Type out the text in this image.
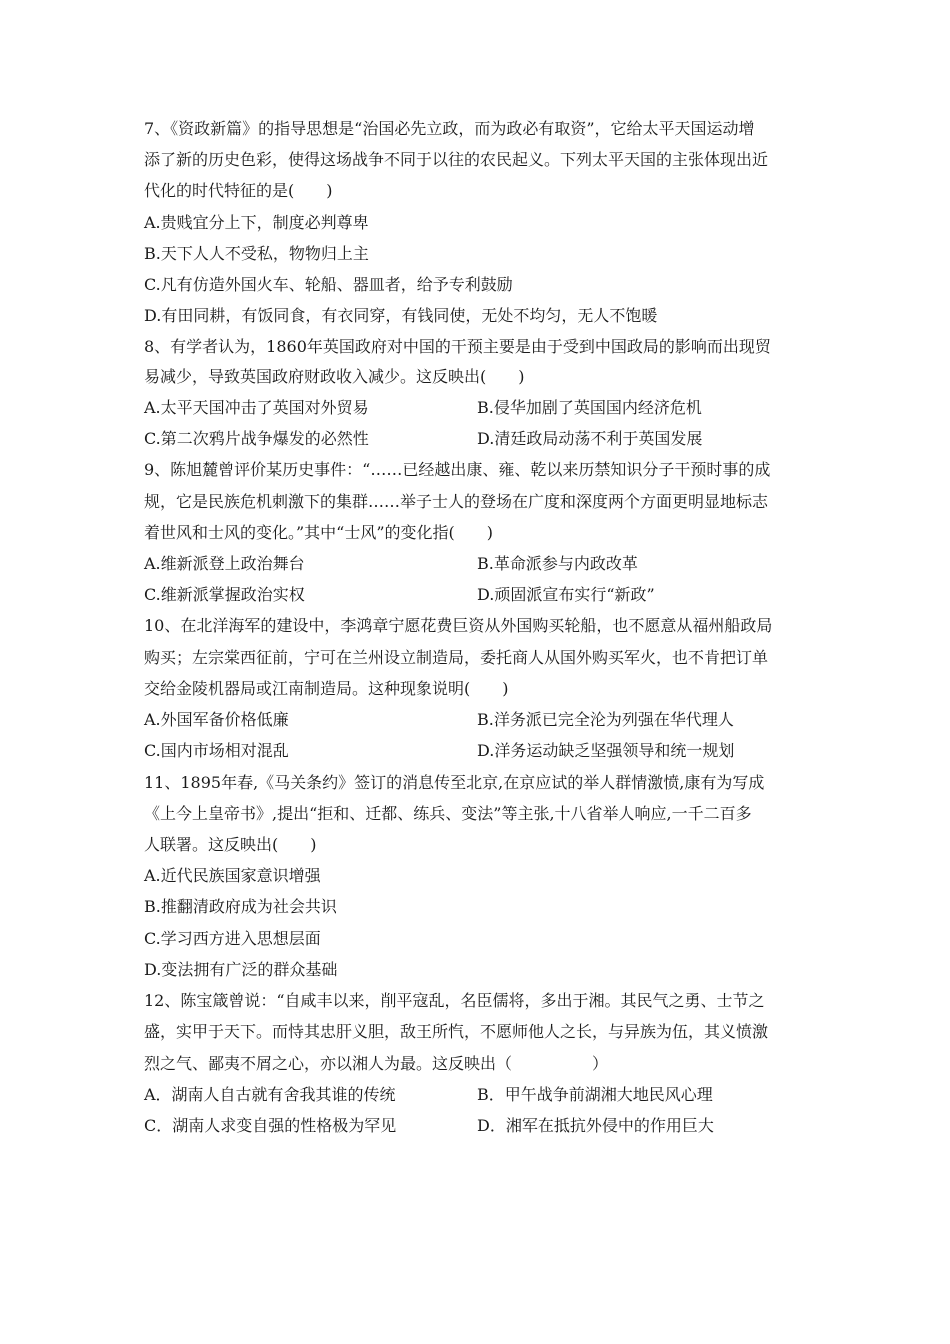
7、《资政新篇》的指导思想是“治国必先立政，而为政必有取资”，它给太平天国运动增
添了新的历史色彩，使得这场战争不同于以往的农民起义。下列太平天国的主张体现出近
代化的时代特征的是(　　)
A.贵贱宜分上下，制度必判尊卑
B.天下人人不受私，物物归上主
C.凡有仿造外国火车、轮船、器皿者，给予专利鼓励
D.有田同耕，有饭同食，有衣同穿，有钱同使，无处不均匀，无人不饱暖
8、有学者认为，1860年英国政府对中国的干预主要是由于受到中国政局的影响而出现贸
易减少，导致英国政府财政收入减少。这反映出(　　)
A.太平天国冲击了英国对外贸易	B.侵华加剧了英国国内经济危机
C.第二次鸦片战争爆发的必然性	D.清廷政局动荡不利于英国发展
9、陈旭麓曾评价某历史事件：“……已经越出康、雍、乾以来历禁知识分子干预时事的成
规，它是民族危机刺激下的集群……举子士人的登场在广度和深度两个方面更明显地标志
着世风和士风的变化。”其中“士风”的变化指(　　)
A.维新派登上政治舞台	B.革命派参与内政改革
C.维新派掌握政治实权	D.顽固派宣布实行“新政”
10、在北洋海军的建设中，李鸿章宁愿花费巨资从外国购买轮船，也不愿意从福州船政局
购买；左宗棠西征前，宁可在兰州设立制造局，委托商人从国外购买军火，也不肯把订单
交给金陵机器局或江南制造局。这种现象说明(　　)
A.外国军备价格低廉	B.洋务派已完全沦为列强在华代理人
C.国内市场相对混乱	D.洋务运动缺乏坚强领导和统一规划
11、1895年春,《马关条约》签订的消息传至北京,在京应试的举人群情激愤,康有为写成
《上今上皇帝书》,提出“拒和、迁都、练兵、变法”等主张,十八省举人响应,一千二百多
人联署。这反映出(　　)
A.近代民族国家意识增强
B.推翻清政府成为社会共识
C.学习西方进入思想层面
D.变法拥有广泛的群众基础
12、陈宝箴曾说：“自咸丰以来，削平寇乱，名臣儒将，多出于湘。其民气之勇、士节之
盛，实甲于天下。而恃其忠肝义胆，敌王所忾，不愿师他人之长，与异族为伍，其义愤激
烈之气、鄙夷不屑之心，亦以湘人为最。这反映出（　　　　　）
A．湖南人自古就有舍我其谁的传统	B．甲午战争前湖湘大地民风心理
C．湖南人求变自强的性格极为罕见	D．湘军在抵抗外侵中的作用巨大
